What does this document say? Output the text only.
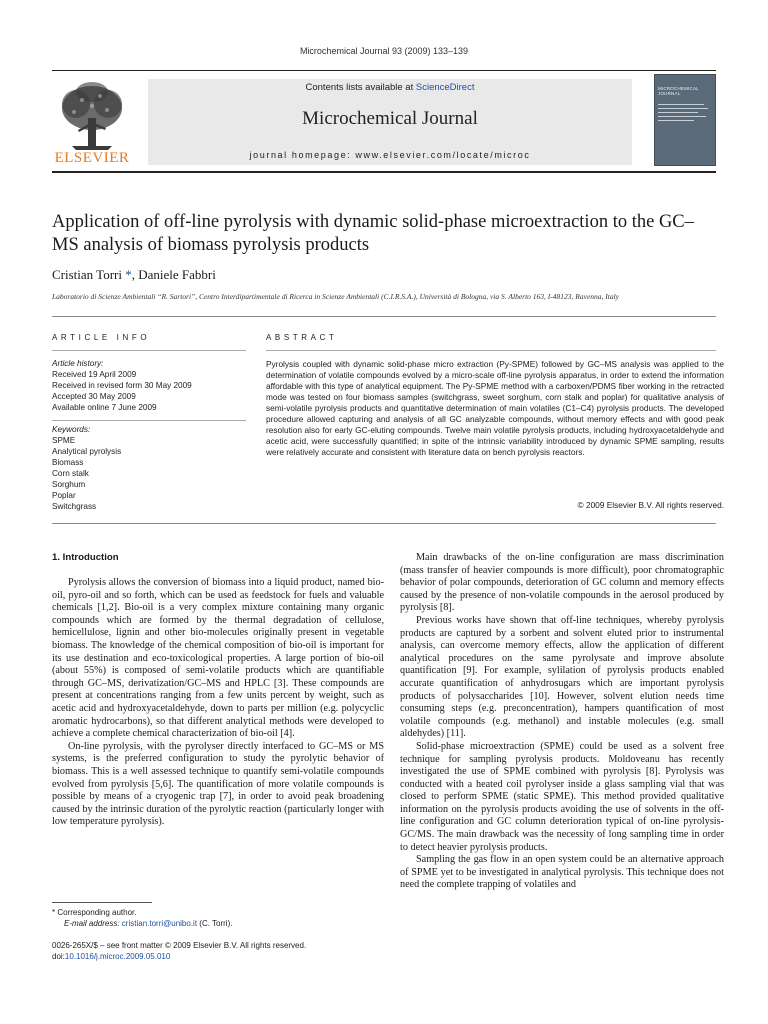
Microchemical Journal 93 (2009) 133–139
ELSEVIER
Contents lists available at ScienceDirect
Microchemical Journal
journal homepage: www.elsevier.com/locate/microc
MICROCHEMICAL JOURNAL
Application of off-line pyrolysis with dynamic solid-phase microextraction to the GC–MS analysis of biomass pyrolysis products
Cristian Torri *, Daniele Fabbri
Laboratorio di Scienze Ambientali “R. Sartori”, Centro Interdipartimentale di Ricerca in Scienze Ambientali (C.I.R.S.A.), Università di Bologna, via S. Alberto 163, I-48123, Ravenna, Italy
ARTICLE INFO	ABSTRACT
Article history:
Received 19 April 2009
Received in revised form 30 May 2009
Accepted 30 May 2009
Available online 7 June 2009
Keywords:
SPME
Analytical pyrolysis
Biomass
Corn stalk
Sorghum
Poplar
Switchgrass
Pyrolysis coupled with dynamic solid-phase micro extraction (Py-SPME) followed by GC–MS analysis was applied to the determination of volatile compounds evolved by a micro-scale off-line pyrolysis apparatus, in order to extend the information affordable with this type of analytical equipment. The Py-SPME method with a carboxen/PDMS fiber working in the retracted mode was tested on four biomass samples (switchgrass, sweet sorghum, corn stalk and poplar) for qualitative analysis of semi-volatile pyrolysis products and quantitative determination of main volatiles (C1–C4) pyrolysis products. The developed procedure allowed capturing and analysis of all GC analyzable compounds, without memory effects and with good peak resolution also for early GC-eluting compounds. Twelve main volatile pyrolysis products, including hydroxyacetaldehyde and acetic acid, were successfully quantified; in spite of the intrinsic variability introduced by dynamic SPME sampling, results were relatively accurate and consistent with literature data on bench pyrolysis reactors.
© 2009 Elsevier B.V. All rights reserved.
1. Introduction

Pyrolysis allows the conversion of biomass into a liquid product, named bio-oil, pyro-oil and so forth, which can be used as feedstock for fuels and valuable chemicals [1,2]. Bio-oil is a very complex mixture containing many organic compounds which are formed by the thermal degradation of cellulose, hemicellulose, lignin and other bio-molecules originally present in vegetable biomass. The knowledge of the chemical composition of bio-oil is important for its use destination and eco-toxicological properties. A large portion of bio-oil (about 55%) is composed of semi-volatile products which are quantifiable through GC–MS, derivatization/GC–MS and HPLC [3]. These compounds are present at concentrations ranging from a few units percent by weight, such as acetic acid and hydroxyacetaldehyde, down to parts per million (e.g. polycyclic aromatic hydrocarbons), so that different analytical methods were developed to achieve a complete chemical characterization of bio-oil [4].

On-line pyrolysis, with the pyrolyser directly interfaced to GC–MS or MS systems, is the preferred configuration to study the pyrolytic behavior of biomass. This is a well assessed technique to quantify semi-volatile compounds evolved from pyrolysis [5,6]. The quantification of more volatile compounds is possible by means of a cryogenic trap [7], in order to avoid peak broadening caused by the intrinsic duration of the pyrolytic reaction (particularly longer with low temperature pyrolysis).

Main drawbacks of the on-line configuration are mass discrimination (mass transfer of heavier compounds is more difficult), poor chromatographic behavior of polar compounds, deterioration of GC column and memory effects caused by the presence of non-volatile compounds in the aerosol produced by pyrolysis [8].

Previous works have shown that off-line techniques, whereby pyrolysis products are captured by a sorbent and solvent eluted prior to instrumental analysis, can overcome memory effects, allow the application of different analytical procedures on the same pyrolysate and improve absolute quantification [9]. For example, sylilation of pyrolysis products enabled accurate quantification of anhydrosugars which are important pyrolysis products of polysaccharides [10]. However, solvent elution needs time consuming steps (e.g. preconcentration), hampers quantification of most volatile compounds (e.g. methanol) and instable molecules (e.g. small aldehydes) [11].

Solid-phase microextraction (SPME) could be used as a solvent free technique for sampling pyrolysis products. Moldoveanu has recently investigated the use of SPME combined with pyrolysis [8]. Pyrolysis was conducted with a heated coil pyrolyser inside a glass sampling vial that was closed to perform SPME (static SPME). This method provided qualitative information on the pyrolysis products avoiding the use of solvents in the off-line configuration and GC column deterioration typical of on-line pyrolysis-GC/MS. The main drawback was the necessity of long sampling time in order to detect heavier pyrolysis products.

Sampling the gas flow in an open system could be an alternative approach of SPME yet to be investigated in analytical pyrolysis. This technique does not need the complete trapping of volatiles and

* Corresponding author.
E-mail address: cristian.torri@unibo.it (C. Torri).
0026-265X/$ – see front matter © 2009 Elsevier B.V. All rights reserved.
doi:10.1016/j.microc.2009.05.010
